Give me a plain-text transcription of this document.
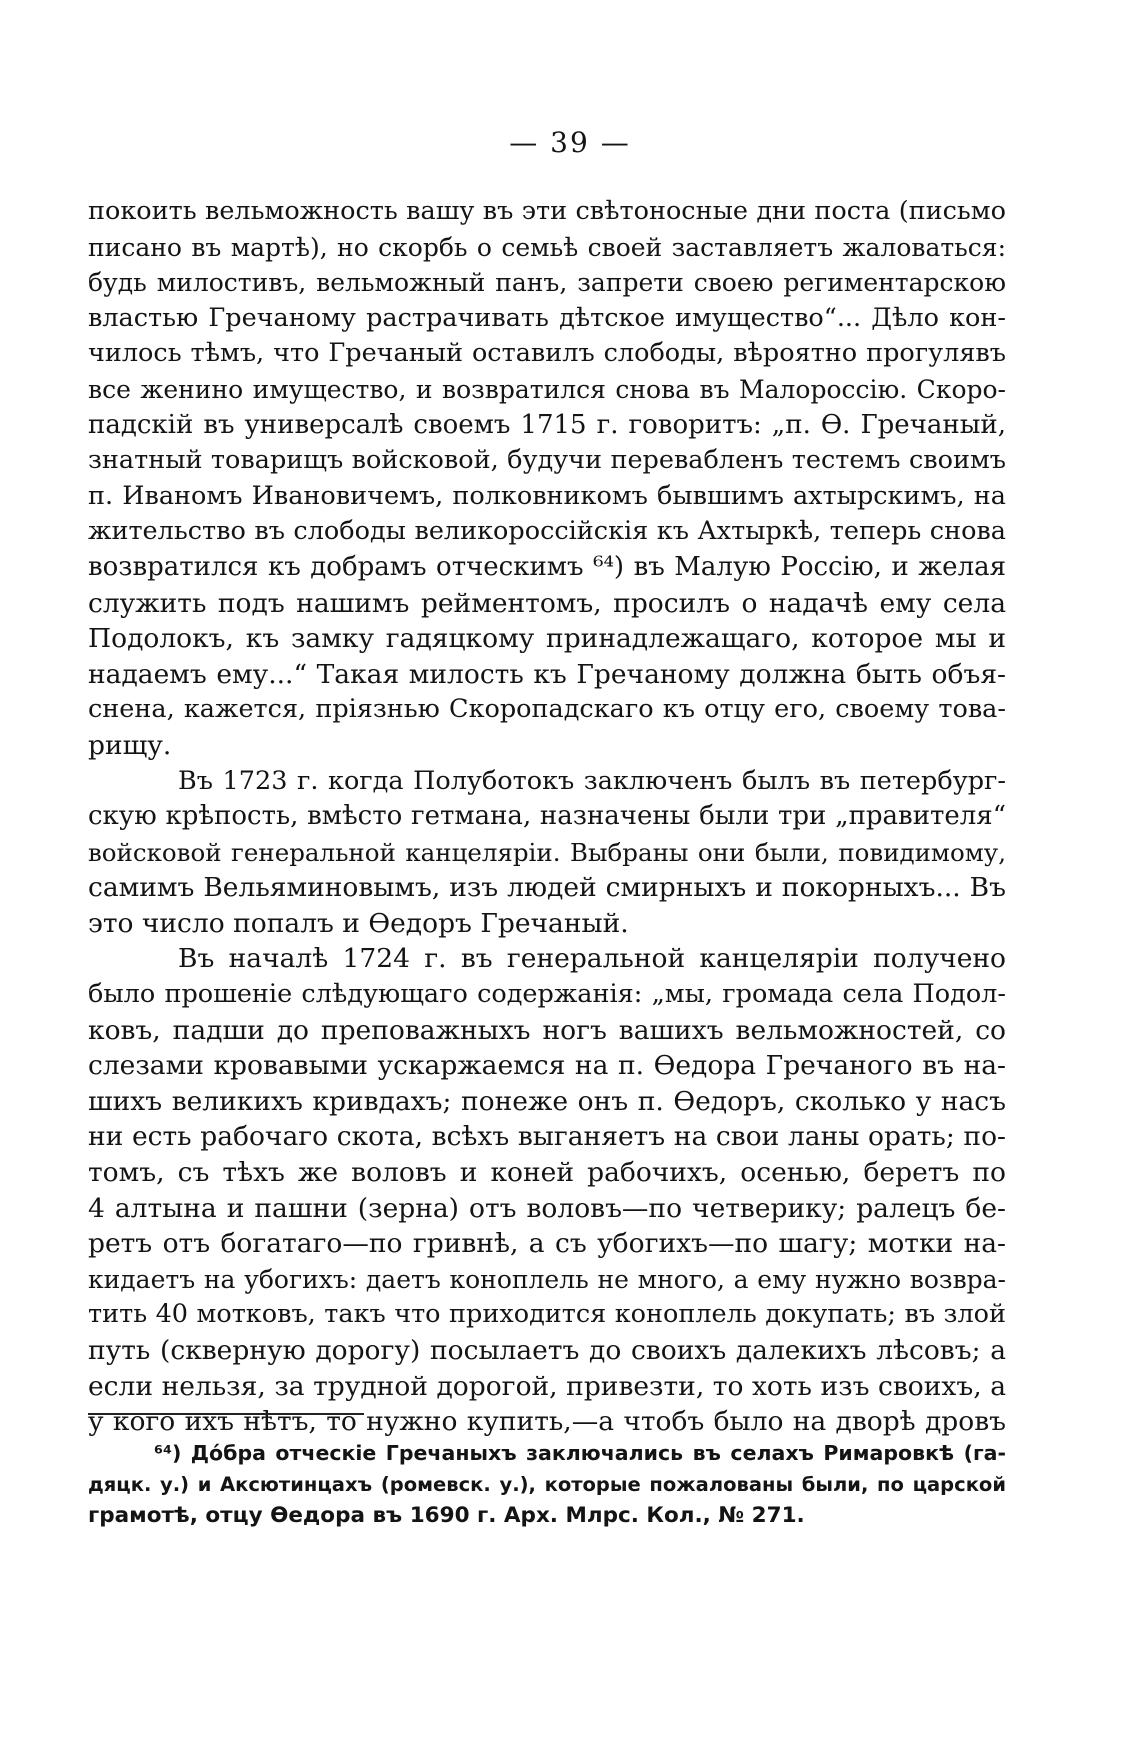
— 39 —
покоить вельможность вашу въ эти свѣтоносные дни поста (письмо
писано въ мартѣ), но скорбь о семьѣ своей заставляетъ жаловаться:
будь милостивъ, вельможный панъ, запрети своею региментарскою
властью Гречаному растрачивать дѣтское имущество“... Дѣло кон-
чилось тѣмъ, что Гречаный оставилъ слободы, вѣроятно прогулявъ
все женино имущество, и возвратился снова въ Малороссію. Скоро-
падскій въ универсалѣ своемъ 1715 г. говоритъ: „п. Ѳ. Гречаный,
знатный товарищъ войсковой, будучи перевабленъ тестемъ своимъ
п. Иваномъ Ивановичемъ, полковникомъ бывшимъ ахтырскимъ, на
жительство въ слободы великороссійскія къ Ахтыркѣ, теперь снова
возвратился къ добрамъ отческимъ ⁶⁴) въ Малую Россію, и желая
служить подъ нашимъ рейментомъ, просилъ о надачѣ ему села
Подолокъ, къ замку гадяцкому принадлежащаго, которое мы и
надаемъ ему...“ Такая милость къ Гречаному должна быть объя-
снена, кажется, пріязнью Скоропадскаго къ отцу его, своему това-
рищу.
Въ 1723 г. когда Полуботокъ заключенъ былъ въ петербург-
скую крѣпость, вмѣсто гетмана, назначены были три „правителя“
войсковой генеральной канцеляріи. Выбраны они были, повидимому,
самимъ Вельяминовымъ, изъ людей смирныхъ и покорныхъ... Въ
это число попалъ и Ѳедоръ Гречаный.
Въ началѣ 1724 г. въ генеральной канцеляріи получено
было прошеніе слѣдующаго содержанія: „мы, громада села Подол-
ковъ, падши до преповажныхъ ногъ вашихъ вельможностей, со
слезами кровавыми ускаржаемся на п. Ѳедора Гречаного въ на-
шихъ великихъ кривдахъ; понеже онъ п. Ѳедоръ, сколько у насъ
ни есть рабочаго скота, всѣхъ выганяетъ на свои ланы орать; по-
томъ, съ тѣхъ же воловъ и коней рабочихъ, осенью, беретъ по
4 алтына и пашни (зерна) отъ воловъ—по четверику; ралецъ бе-
ретъ отъ богатаго—по гривнѣ, а съ убогихъ—по шагу; мотки на-
кидаетъ на убогихъ: даетъ коноплель не много, а ему нужно возвра-
тить 40 мотковъ, такъ что приходится коноплель докупать; въ злой
путь (скверную дорогу) посылаетъ до своихъ далекихъ лѣсовъ; а
если нельзя, за трудной дорогой, привезти, то хоть изъ своихъ, а
у кого ихъ нѣтъ, то нужно купить,—а чтобъ было на дворѣ дровъ
⁶⁴) Дόбра отческіе Гречаныхъ заключались въ селахъ Римаровкѣ (га-
дяцк. у.) и Аксютинцахъ (ромевск. у.), которые пожалованы были, по царской
грамотѣ, отцу Ѳедора въ 1690 г. Арх. Млрс. Кол., № 271.
